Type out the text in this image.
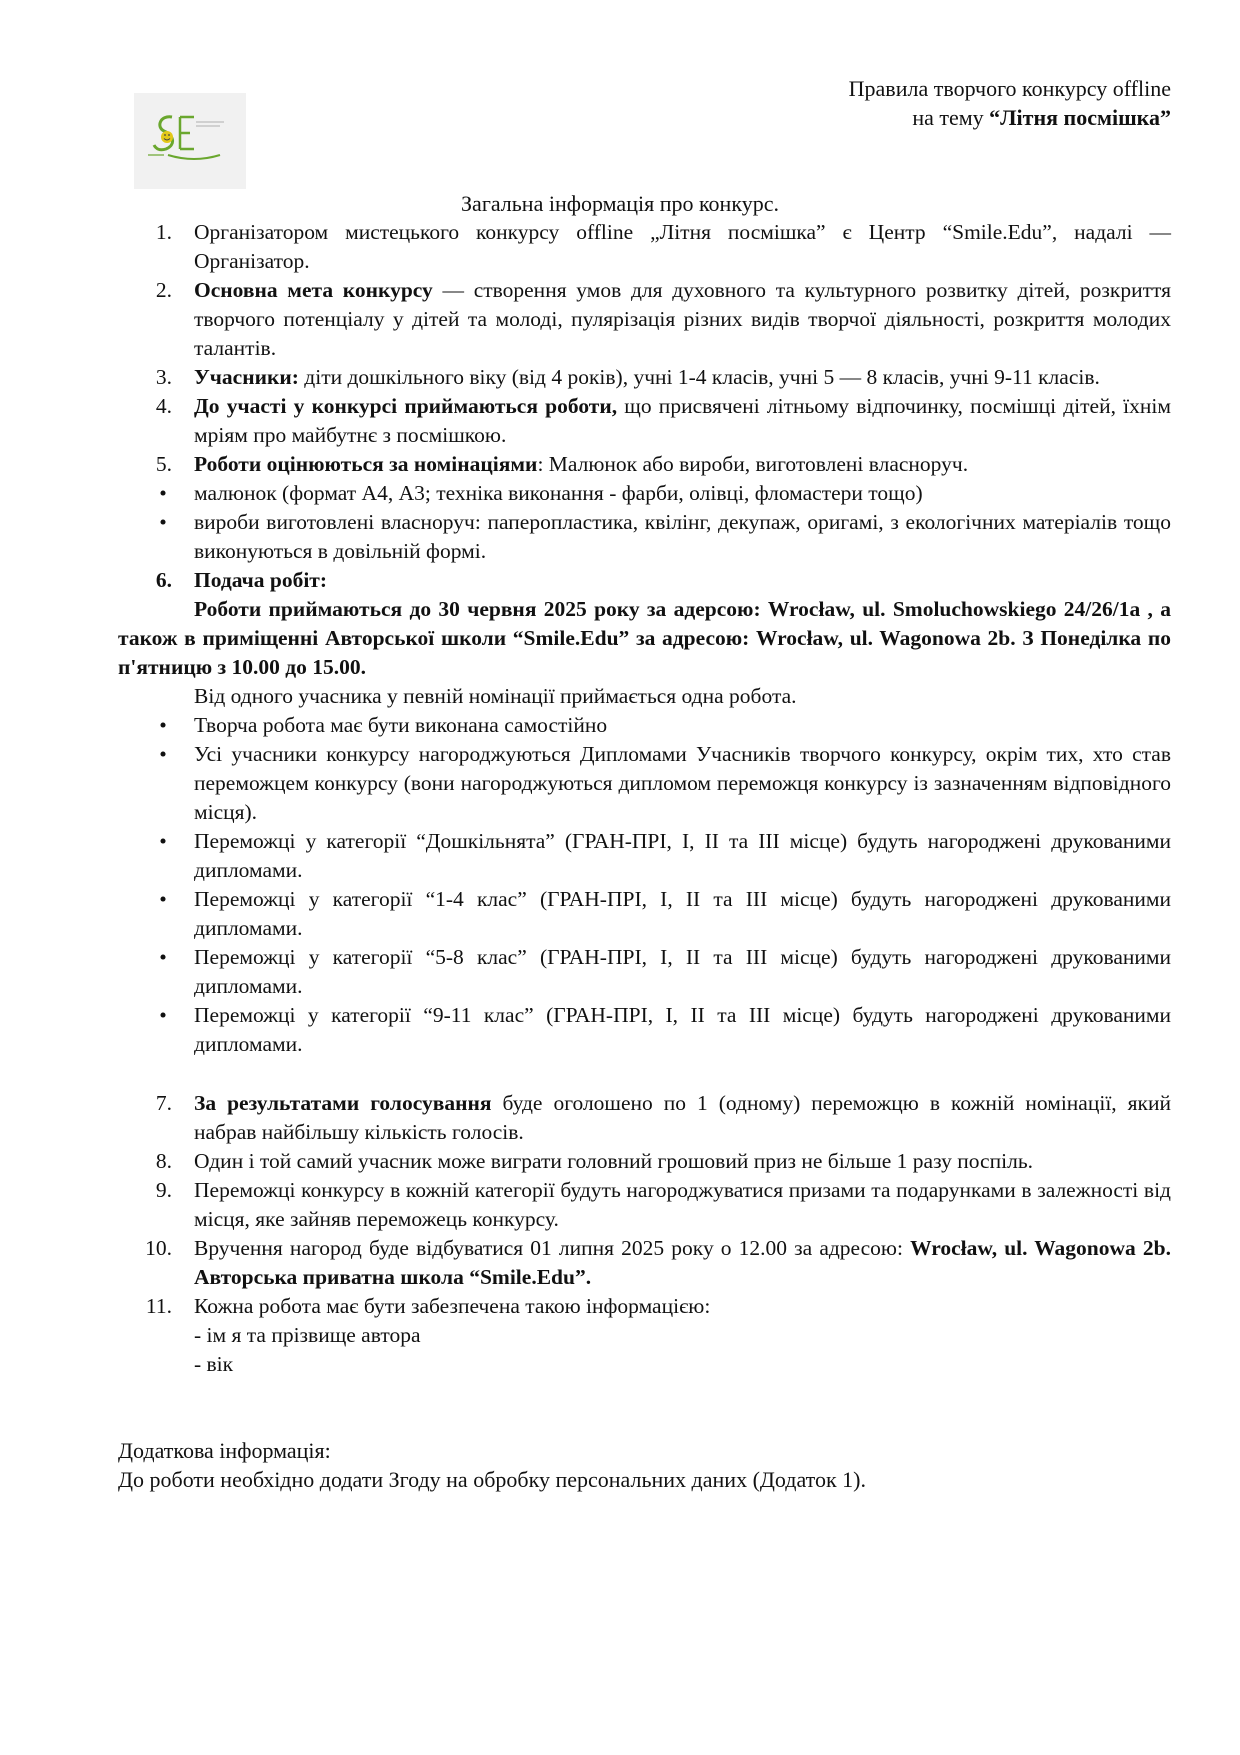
Правила творчого конкурсу offline
на тему “Літня посмішка”
Загальна інформація про конкурс.
1. Організатором мистецького конкурсу offline „Літня посмішка” є Центр “Smile.Edu”, надалі — Організатор.
2. Основна мета конкурсу — створення умов для духовного та культурного розвитку дітей, розкриття творчого потенціалу у дітей та молоді, пулярізація різних видів творчої діяльності, розкриття молодих талантів.
3. Учасники: діти дошкільного віку (від 4 років), учні 1-4 класів, учні 5 — 8 класів, учні 9-11 класів.
4. До участі у конкурсі приймаються роботи, що присвячені літньому відпочинку, посмішці дітей, їхнім мріям про майбутнє з посмішкою.
5. Роботи оцінюються за номінаціями: Малюнок або вироби, виготовлені власноруч.
• малюнок (формат А4, А3; техніка виконання - фарби, олівці, фломастери тощо)
• вироби виготовлені власноруч: паперопластика, квілінг, декупаж, оригамі, з екологічних матеріалів тощо виконуються в довільній формі.
6. Подача робіт:
Роботи приймаються до 30 червня 2025 року за адерсою: Wrocław, ul. Smoluchowskiego 24/26/1a , а також в приміщенні Авторської школи “Smile.Edu” за адресою: Wrocław, ul. Wagonowa 2b. З Понеділка по п'ятницю з 10.00 до 15.00.
Від одного учасника у певній номінації приймається одна робота.
• Творча робота має бути виконана самостійно
• Усі учасники конкурсу нагороджуються Дипломами Учасників творчого конкурсу, окрім тих, хто став переможцем конкурсу (вони нагороджуються дипломом переможця конкурсу із зазначенням відповідного місця).
• Переможці у категорії “Дошкільнята” (ГРАН-ПРІ, І, ІІ та ІІІ місце) будуть нагороджені друкованими дипломами.
• Переможці у категорії “1-4 клас” (ГРАН-ПРІ, І, ІІ та ІІІ місце) будуть нагороджені друкованими дипломами.
• Переможці у категорії “5-8 клас” (ГРАН-ПРІ, І, ІІ та ІІІ місце) будуть нагороджені друкованими дипломами.
• Переможці у категорії “9-11 клас” (ГРАН-ПРІ, І, ІІ та ІІІ місце) будуть нагороджені друкованими дипломами.
7. За результатами голосування буде оголошено по 1 (одному) переможцю в кожній номінації, який набрав найбільшу кількість голосів.
8. Один і той самий учасник може виграти головний грошовий приз не більше 1 разу поспіль.
9. Переможці конкурсу в кожній категорії будуть нагороджуватися призами та подарунками в залежності від місця, яке зайняв переможець конкурсу.
10. Вручення нагород буде відбуватися 01 липня 2025 року о 12.00 за адресою: Wrocław, ul. Wagonowa 2b. Авторська приватна школа “Smile.Edu”.
11. Кожна робота має бути забезпечена такою інформацією:
- ім я та прізвище автора
- вік
Додаткова інформація:
До роботи необхідно додати Згоду на обробку персональних даних (Додаток 1).
